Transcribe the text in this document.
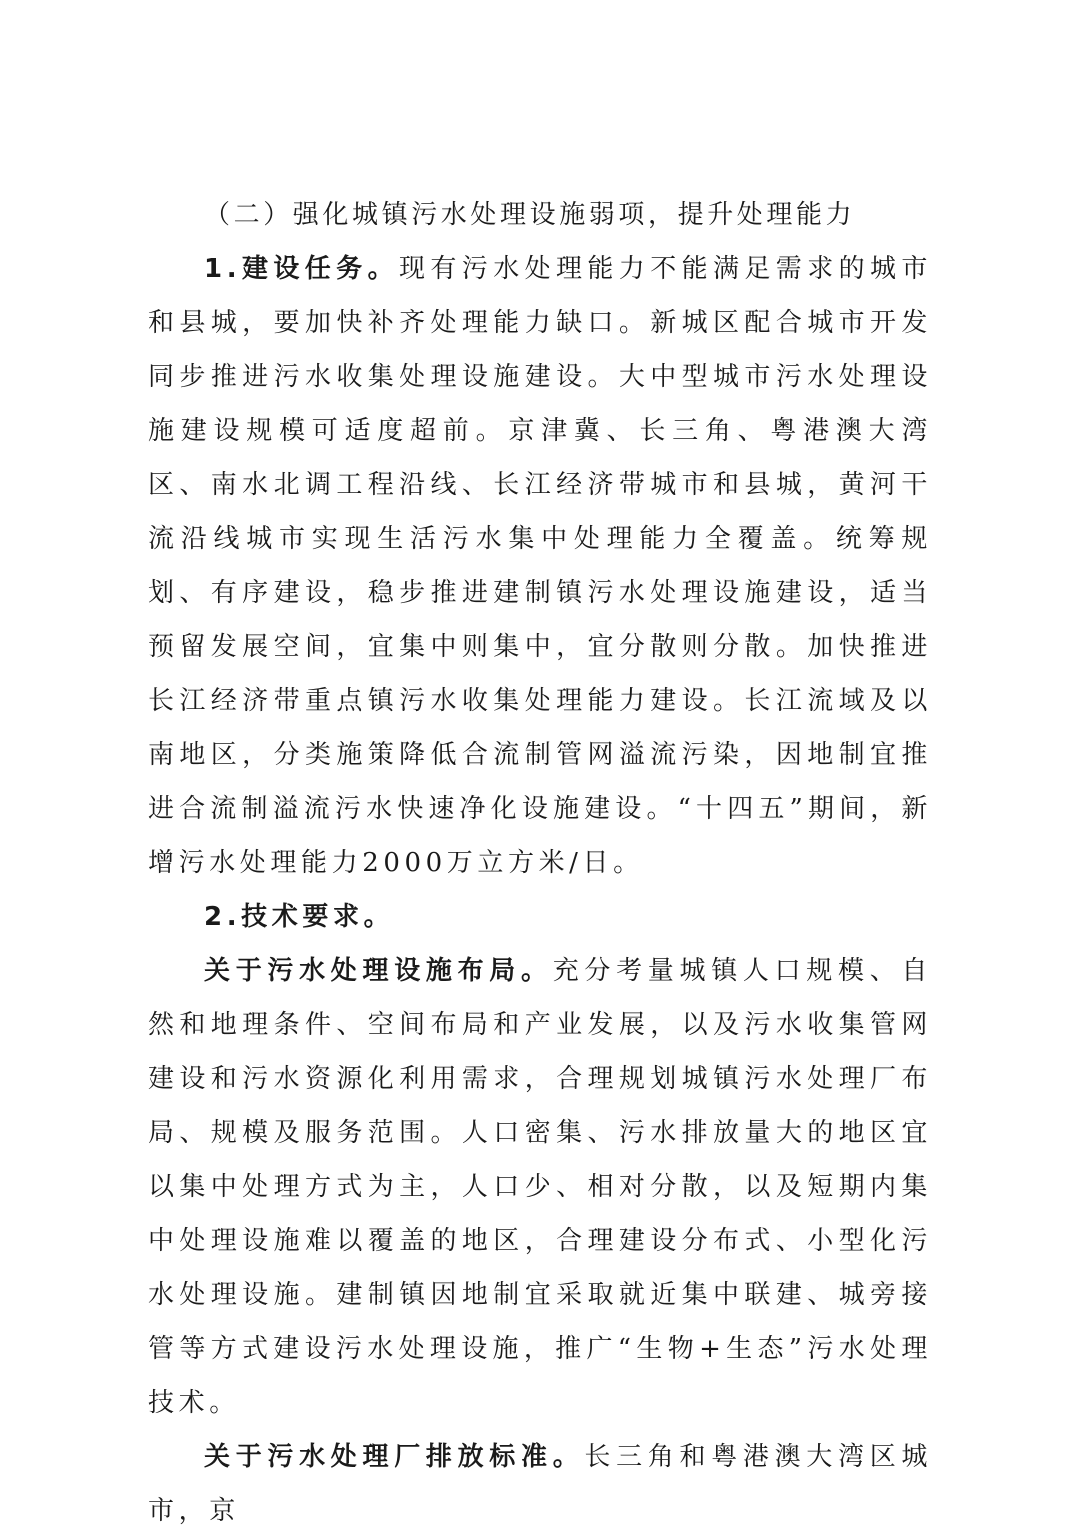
（二）强化城镇污水处理设施弱项，提升处理能力

1.建设任务。现有污水处理能力不能满足需求的城市和县城，要加快补齐处理能力缺口。新城区配合城市开发同步推进污水收集处理设施建设。大中型城市污水处理设施建设规模可适度超前。京津冀、长三角、粤港澳大湾区、南水北调工程沿线、长江经济带城市和县城，黄河干流沿线城市实现生活污水集中处理能力全覆盖。统筹规划、有序建设，稳步推进建制镇污水处理设施建设，适当预留发展空间，宜集中则集中，宜分散则分散。加快推进长江经济带重点镇污水收集处理能力建设。长江流域及以南地区，分类施策降低合流制管网溢流污染，因地制宜推进合流制溢流污水快速净化设施建设。“十四五”期间，新增污水处理能力2000万立方米/日。

2.技术要求。

关于污水处理设施布局。充分考量城镇人口规模、自然和地理条件、空间布局和产业发展，以及污水收集管网建设和污水资源化利用需求，合理规划城镇污水处理厂布局、规模及服务范围。人口密集、污水排放量大的地区宜以集中处理方式为主，人口少、相对分散，以及短期内集中处理设施难以覆盖的地区，合理建设分布式、小型化污水处理设施。建制镇因地制宜采取就近集中联建、城旁接管等方式建设污水处理设施，推广“生物+生态”污水处理技术。

关于污水处理厂排放标准。长三角和粤港澳大湾区城市，京
